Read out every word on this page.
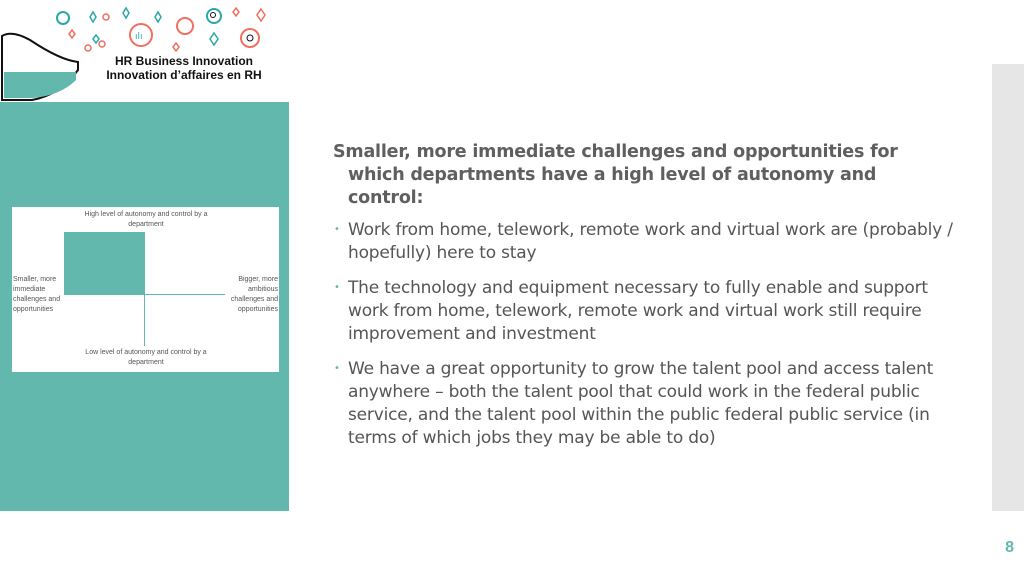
ılı
HR Business Innovation
Innovation d’affaires en RH
High level of autonomy and control by a department
Smaller, more immediate challenges and opportunities
Bigger, more ambitious challenges and opportunities
Low level of autonomy and control by a department
Smaller, more immediate challenges and opportunities for which departments have a high level of autonomy and control:
• Work from home, telework, remote work and virtual work are (probably / hopefully) here to stay
• The technology and equipment necessary to fully enable and support work from home, telework, remote work and virtual work still require improvement and investment
• We have a great opportunity to grow the talent pool and access talent anywhere – both the talent pool that could work in the federal public service, and the talent pool within the public federal public service (in terms of which jobs they may be able to do)
8
